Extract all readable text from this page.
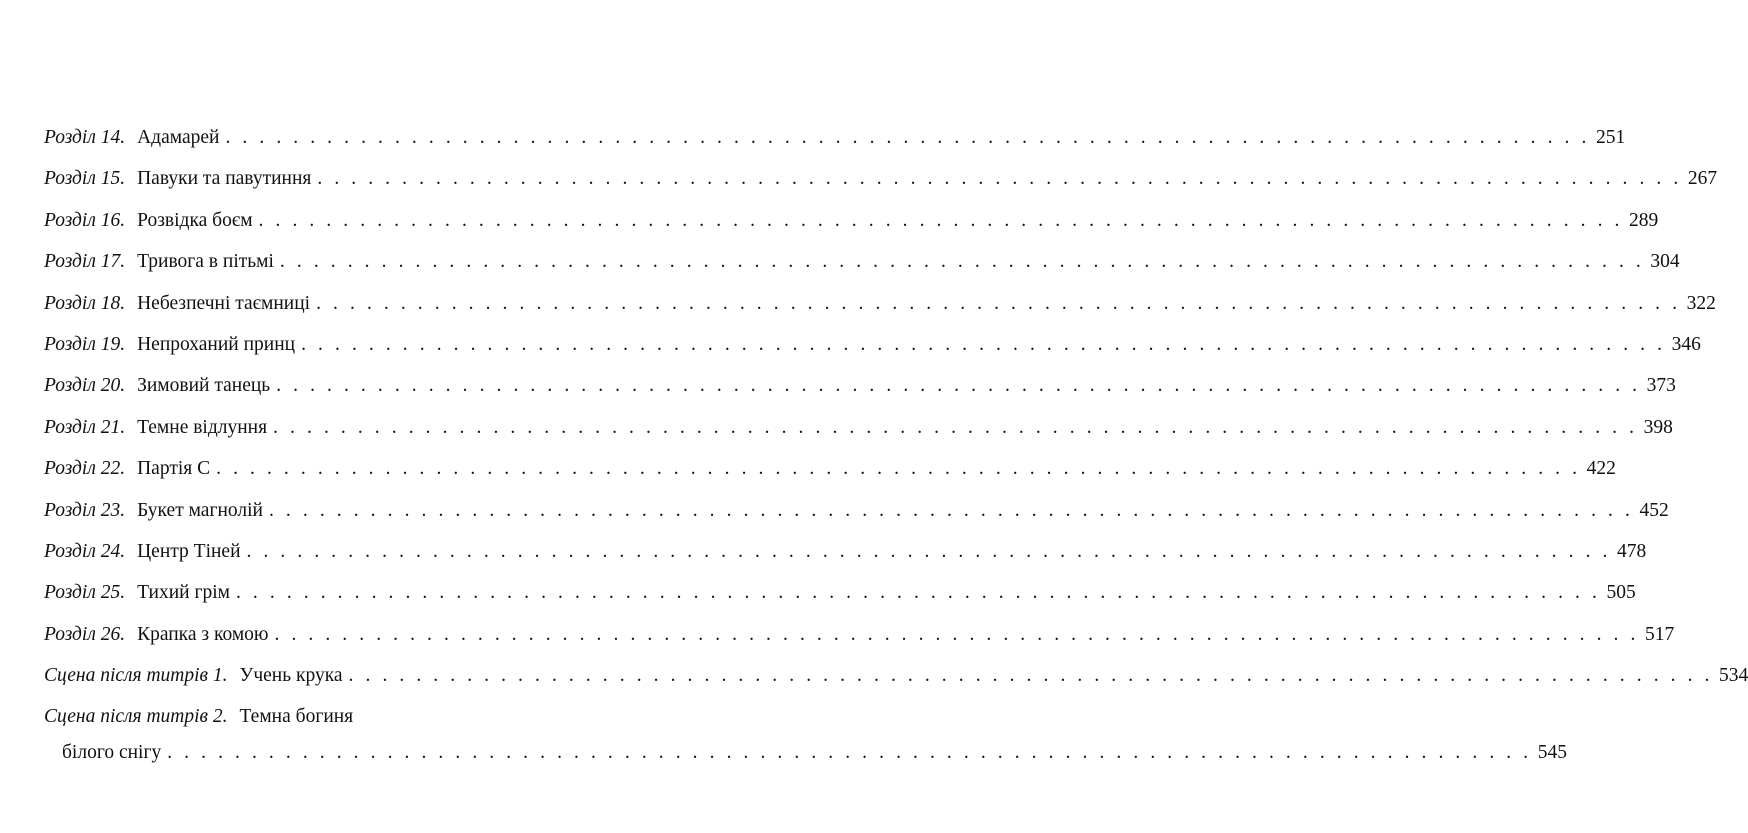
Розділ 14. Адамарей . . . . . . . . . . . . . . . . . . . . . . . . . . . . . . . . . . . . . . . . . . . . . . . . . . . . . . . . . . . . . . . . . . . . . . . . . . . . . . . . . 251
Розділ 15. Павуки та павутиння . . . . . . . . . . . . . . . . . . . . . . . . . . . . . . . . . . . . . . . . . . . . . . . . . . . . . . . . . . . . . . . . . . . . . . . . . . . . . . . . . 267
Розділ 16. Розвідка боєм . . . . . . . . . . . . . . . . . . . . . . . . . . . . . . . . . . . . . . . . . . . . . . . . . . . . . . . . . . . . . . . . . . . . . . . . . . . . . . . . . 289
Розділ 17. Тривога в пітьмі . . . . . . . . . . . . . . . . . . . . . . . . . . . . . . . . . . . . . . . . . . . . . . . . . . . . . . . . . . . . . . . . . . . . . . . . . . . . . . . . . 304
Розділ 18. Небезпечні таємниці . . . . . . . . . . . . . . . . . . . . . . . . . . . . . . . . . . . . . . . . . . . . . . . . . . . . . . . . . . . . . . . . . . . . . . . . . . . . . . . . . 322
Розділ 19. Непроханий принц . . . . . . . . . . . . . . . . . . . . . . . . . . . . . . . . . . . . . . . . . . . . . . . . . . . . . . . . . . . . . . . . . . . . . . . . . . . . . . . . . 346
Розділ 20. Зимовий танець . . . . . . . . . . . . . . . . . . . . . . . . . . . . . . . . . . . . . . . . . . . . . . . . . . . . . . . . . . . . . . . . . . . . . . . . . . . . . . . . . 373
Розділ 21. Темне відлуння . . . . . . . . . . . . . . . . . . . . . . . . . . . . . . . . . . . . . . . . . . . . . . . . . . . . . . . . . . . . . . . . . . . . . . . . . . . . . . . . . 398
Розділ 22. Партія С . . . . . . . . . . . . . . . . . . . . . . . . . . . . . . . . . . . . . . . . . . . . . . . . . . . . . . . . . . . . . . . . . . . . . . . . . . . . . . . . . 422
Розділ 23. Букет магнолій . . . . . . . . . . . . . . . . . . . . . . . . . . . . . . . . . . . . . . . . . . . . . . . . . . . . . . . . . . . . . . . . . . . . . . . . . . . . . . . . . 452
Розділ 24. Центр Тіней . . . . . . . . . . . . . . . . . . . . . . . . . . . . . . . . . . . . . . . . . . . . . . . . . . . . . . . . . . . . . . . . . . . . . . . . . . . . . . . . . 478
Розділ 25. Тихий грім . . . . . . . . . . . . . . . . . . . . . . . . . . . . . . . . . . . . . . . . . . . . . . . . . . . . . . . . . . . . . . . . . . . . . . . . . . . . . . . . . 505
Розділ 26. Крапка з комою . . . . . . . . . . . . . . . . . . . . . . . . . . . . . . . . . . . . . . . . . . . . . . . . . . . . . . . . . . . . . . . . . . . . . . . . . . . . . . . . . 517
Сцена після титрів 1. Учень крука . . . . . . . . . . . . . . . . . . . . . . . . . . . . . . . . . . . . . . . . . . . . . . . . . . . . . . . . . . . . . . . . . . . . . . . . . . . . . . . . . 534
Сцена після титрів 2. Темна богиня
білого снігу . . . . . . . . . . . . . . . . . . . . . . . . . . . . . . . . . . . . . . . . . . . . . . . . . . . . . . . . . . . . . . . . . . . . . . . . . . . . . . . . . 545
